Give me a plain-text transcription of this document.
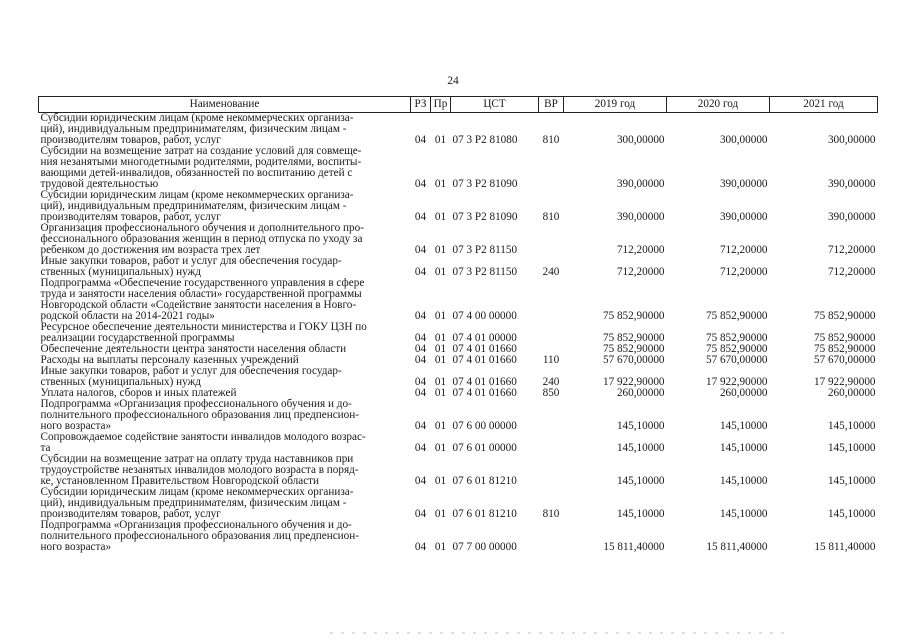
24
Наименование	РЗ	Пр	ЦСТ	ВР	2019 год	2020 год	2021 год
Субсидии юридическим лицам (кроме некоммерческих организа-
ций), индивидуальным предпринимателям, физическим лицам -
производителям товаров, работ, услуг	04	01	07 3 P2 81080	810	300,00000	300,00000	300,00000
Субсидии на возмещение затрат на создание условий для совмеще-
ния незанятыми многодетными родителями, родителями, воспиты-
вающими детей-инвалидов, обязанностей по воспитанию детей с
трудовой деятельностью	04	01	07 3 P2 81090		390,00000	390,00000	390,00000
Субсидии юридическим лицам (кроме некоммерческих организа-
ций), индивидуальным предпринимателям, физическим лицам -
производителям товаров, работ, услуг	04	01	07 3 P2 81090	810	390,00000	390,00000	390,00000
Организация профессионального обучения и дополнительного про-
фессионального образования женщин в период отпуска по уходу за
ребенком до достижения им возраста трех лет	04	01	07 3 P2 81150		712,20000	712,20000	712,20000
Иные закупки товаров, работ и услуг для обеспечения государ-
ственных (муниципальных) нужд	04	01	07 3 P2 81150	240	712,20000	712,20000	712,20000
Подпрограмма «Обеспечение государственного управления в сфере
труда и занятости населения области» государственной программы
Новгородской области «Содействие занятости населения в Новго-
родской области на 2014-2021 годы»	04	01	07 4 00 00000		75 852,90000	75 852,90000	75 852,90000
Ресурсное обеспечение деятельности министерства и ГОКУ ЦЗН по
реализации государственной программы	04	01	07 4 01 00000		75 852,90000	75 852,90000	75 852,90000
Обеспечение деятельности центра занятости населения области	04	01	07 4 01 01660		75 852,90000	75 852,90000	75 852,90000
Расходы на выплаты персоналу казенных учреждений	04	01	07 4 01 01660	110	57 670,00000	57 670,00000	57 670,00000
Иные закупки товаров, работ и услуг для обеспечения государ-
ственных (муниципальных) нужд	04	01	07 4 01 01660	240	17 922,90000	17 922,90000	17 922,90000
Уплата налогов, сборов и иных платежей	04	01	07 4 01 01660	850	260,00000	260,00000	260,00000
Подпрограмма «Организация профессионального обучения и до-
полнительного профессионального образования лиц предпенсион-
ного возраста»	04	01	07 6 00 00000		145,10000	145,10000	145,10000
Сопровождаемое содействие занятости инвалидов молодого возрас-
та	04	01	07 6 01 00000		145,10000	145,10000	145,10000
Субсидии на возмещение затрат на оплату труда наставников при
трудоустройстве незанятых инвалидов молодого возраста в поряд-
ке, установленном Правительством Новгородской области	04	01	07 6 01 81210		145,10000	145,10000	145,10000
Субсидии юридическим лицам (кроме некоммерческих организа-
ций), индивидуальным предпринимателям, физическим лицам -
производителям товаров, работ, услуг	04	01	07 6 01 81210	810	145,10000	145,10000	145,10000
Подпрограмма «Организация профессионального обучения и до-
полнительного профессионального образования лиц предпенсион-
ного возраста»	04	01	07 7 00 00000		15 811,40000	15 811,40000	15 811,40000
